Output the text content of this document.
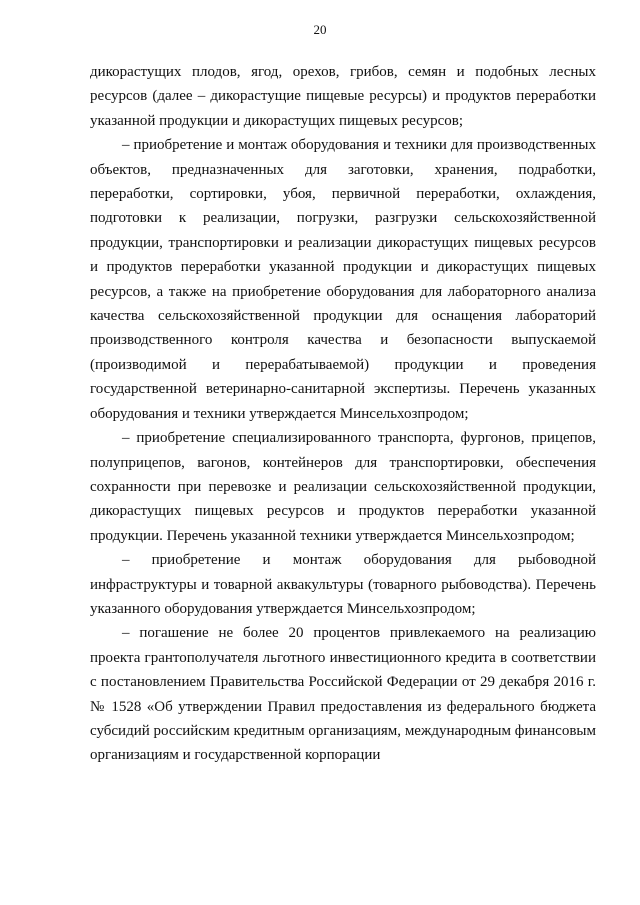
20

дикорастущих плодов, ягод, орехов, грибов, семян и подобных лесных ресурсов (далее – дикорастущие пищевые ресурсы) и продуктов переработки указанной продукции и дикорастущих пищевых ресурсов;

– приобретение и монтаж оборудования и техники для производственных объектов, предназначенных для заготовки, хранения, подработки, переработки, сортировки, убоя, первичной переработки, охлаждения, подготовки к реализации, погрузки, разгрузки сельскохозяйственной продукции, транспортировки и реализации дикорастущих пищевых ресурсов и продуктов переработки указанной продукции и дикорастущих пищевых ресурсов, а также на приобретение оборудования для лабораторного анализа качества сельскохозяйственной продукции для оснащения лабораторий производственного контроля качества и безопасности выпускаемой (производимой и перерабатываемой) продукции и проведения государственной ветеринарно-санитарной экспертизы. Перечень указанных оборудования и техники утверждается Минсельхозпродом;

– приобретение специализированного транспорта, фургонов, прицепов, полуприцепов, вагонов, контейнеров для транспортировки, обеспечения сохранности при перевозке и реализации сельскохозяйственной продукции, дикорастущих пищевых ресурсов и продуктов переработки указанной продукции. Перечень указанной техники утверждается Минсельхозпродом;

– приобретение и монтаж оборудования для рыбоводной инфраструктуры и товарной аквакультуры (товарного рыбоводства). Перечень указанного оборудования утверждается Минсельхозпродом;

– погашение не более 20 процентов привлекаемого на реализацию проекта грантополучателя льготного инвестиционного кредита в соответствии с постановлением Правительства Российской Федерации от 29 декабря 2016 г. № 1528 «Об утверждении Правил предоставления из федерального бюджета субсидий российским кредитным организациям, международным финансовым организациям и государственной корпорации
